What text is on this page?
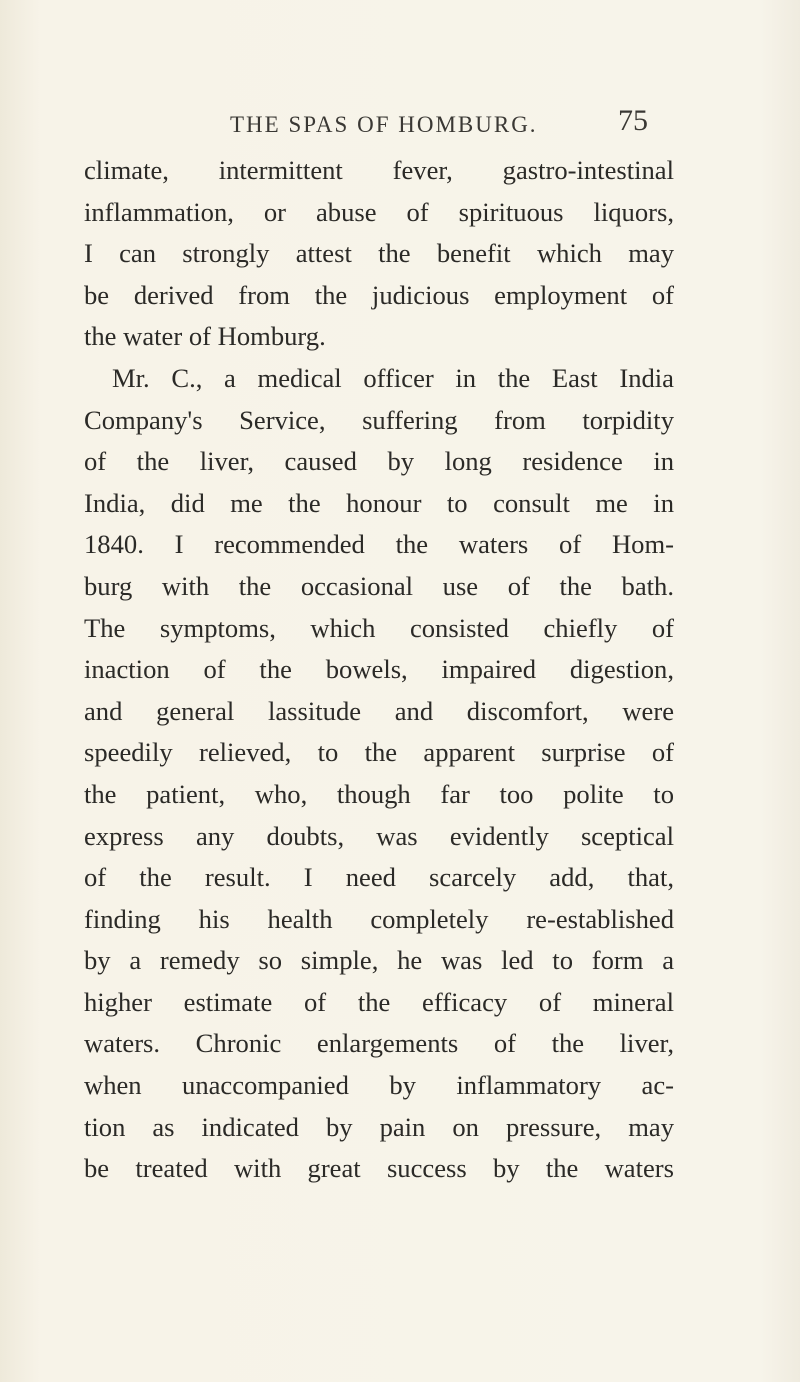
THE SPAS OF HOMBURG.	75
climate, intermittent fever, gastro-intestinal
inflammation, or abuse of spirituous liquors,
I can strongly attest the benefit which may
be derived from the judicious employment of
the water of Homburg.
Mr. C., a medical officer in the East India
Company's Service, suffering from torpidity
of the liver, caused by long residence in
India, did me the honour to consult me in
1840. I recommended the waters of Hom-
burg with the occasional use of the bath.
The symptoms, which consisted chiefly of
inaction of the bowels, impaired digestion,
and general lassitude and discomfort, were
speedily relieved, to the apparent surprise of
the patient, who, though far too polite to
express any doubts, was evidently sceptical
of the result. I need scarcely add, that,
finding his health completely re-established
by a remedy so simple, he was led to form a
higher estimate of the efficacy of mineral
waters. Chronic enlargements of the liver,
when unaccompanied by inflammatory ac-
tion as indicated by pain on pressure, may
be treated with great success by the waters
